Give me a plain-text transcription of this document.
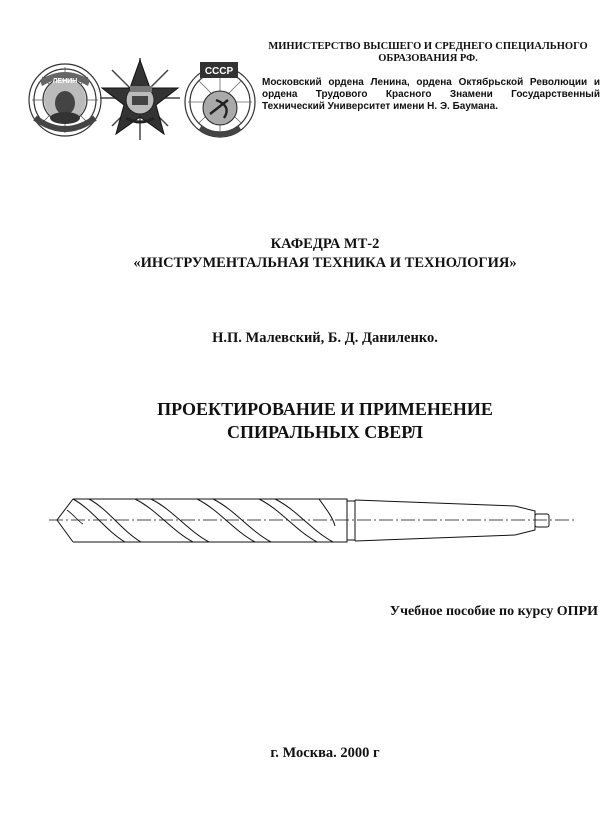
ЛЕНИН
СССР
МИНИСТЕРСТВО ВЫСШЕГО И СРЕДНЕГО СПЕЦИАЛЬНОГО
ОБРАЗОВАНИЯ РФ.
Московский ордена Ленина, ордена Октябрьской Революции и ордена Трудового Красного Знамени Государственный Технический Университет имени Н. Э. Баумана.
КАФЕДРА МТ-2
«ИНСТРУМЕНТАЛЬНАЯ ТЕХНИКА И ТЕХНОЛОГИЯ»
Н.П. Малевский, Б. Д. Даниленко.
ПРОЕКТИРОВАНИЕ И ПРИМЕНЕНИЕ
СПИРАЛЬНЫХ СВЕРЛ
Учебное пособие по курсу ОПРИ
г. Москва. 2000 г
